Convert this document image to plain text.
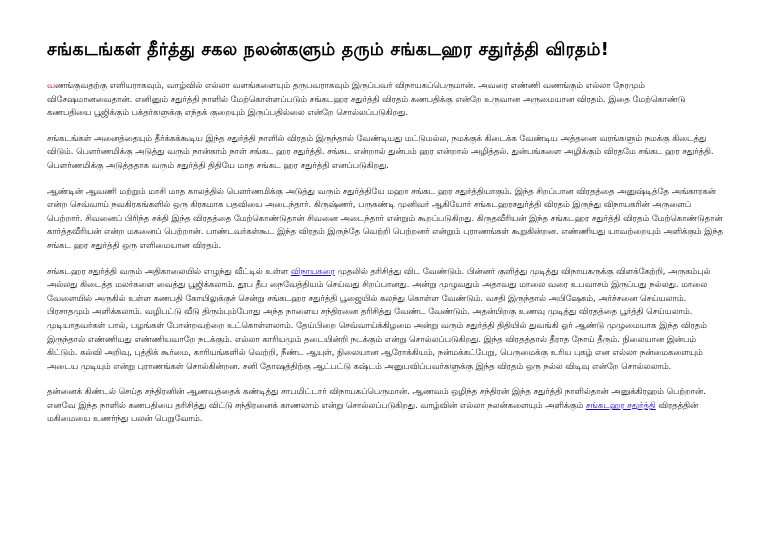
சங்கடங்கள் தீர்த்து சகல நலன்களும் தரும் சங்கடஹர சதுர்த்தி விரதம்!

வணங்குவதற்கு எளியராகவும், வாழ்வில் எல்லா வளங்களையும் தருபவராகவும் இருப்பவர் விநாயகப்பெருமான். அவரை எண்ணி வணங்கும் எல்லா நேரமும் விசேஷமானவைதான். எனினும் சதுர்த்தி நாளில் மேற்கொள்ளப்படும் சங்கடஹர சதுர்த்தி விரதம் கணபதிக்கு என்றே உருவான அருமையான விரதம். இதை மேற்கொண்டு கணபதியை பூஜிக்கும் பக்தர்களுக்கு எந்தக் குறையும் இருப்பதில்லை என்றே சொல்லப்படுகிறது.

சங்கடங்கள் அனைத்தையும் தீர்க்கக்கூடிய இந்த சதுர்த்தி நாளில் விரதம் இருந்தால் வேண்டியது மட்டுமல்ல, நமக்குக் கிடைக்க வேண்டிய அத்தனை வரங்களும் நமக்கு கிடைத்து விடும். பௌர்ணமிக்கு அடுத்து வரும் நான்காம் நாள் சங்கட ஹர சதுர்த்தி. சங்கட என்றால் துன்பம் ஹர என்றால் அழித்தல். துன்பங்களை அழிக்கும் விரதமே சங்கட ஹர சதுர்த்தி. பௌர்ணமிக்கு அடுத்ததாக வரும் சதுர்த்தி திதியே மாத சங்கட ஹர சதுர்த்தி எனப்படுகிறது.

ஆண்டின் ஆவணி மற்றும் மாசி மாத காலத்தில் பௌர்ணமிக்கு அடுத்து வரும் சதுர்த்தியே மஹா சங்கட ஹர சதுர்த்தியாகும். இந்த சிறப்பான விரதத்தை அனுஷ்டித்தே அங்காரகன் என்ற செவ்வாய் நவகிரகங்களில் ஒரு கிரகமாக பதவியை அடைந்தார். கிருஷ்ணர், பருகண்டி முனிவர் ஆகியோர் சங்கடஹரசதுர்த்தி விரதம் இருந்து விநாயகரின் அருளைப் பெற்றார். சிவனைப் பிரிந்த சக்தி இந்த விரதத்தை மேற்கொண்டுதான் சிவனை அடைந்தார் என்றும் கூறப்படுகிறது. கிருதவீரியன் இந்த சங்கடஹர சதுர்த்தி விரதம் மேற்கொண்டுதான் கார்த்தவீரியன் என்ற மகனைப் பெற்றான். பாண்டவர்கள்கூட இந்த விரதம் இருந்தே வெற்றி பெற்றனர் என்றும் புராணங்கள் கூறுகின்றன. எண்ணியது யாவற்றையும் அளிக்கும் இந்த சங்கட ஹர சதுர்த்தி ஒரு எளிமையான விரதம்.

சங்கடஹர சதுர்த்தி வரும் அதிகாலையில் எழுந்து வீட்டில் உள்ள விநாயகரை முதலில் தரிசித்து விட வேண்டும். பின்னர் குளித்து முடித்து விநாயகருக்கு விளக்கேற்றி, அருகம்புல் அல்லது கிடைத்த மலர்களை வைத்து பூஜிக்கலாம். தூப தீப நைவேத்தியம் செய்வது சிறப்பானது. அன்று முழுவதும் அதாவது மாலை வரை உபவாசம் இருப்பது நல்லது. மாலை வேளையில் அருகில் உள்ள கணபதி கோயிலுக்குச் சென்று சங்கடஹர சதுர்த்தி பூஜையில் கலந்து கொள்ள வேண்டும். வசதி இருந்தால் அபிஷேகம், அர்ச்சனை செய்யலாம். பிரசாதமும் அளிக்கலாம். வழிபட்டு வீடு திரும்பும்போது அந்த நாளைய சந்திரனை தரிசித்து வேண்ட வேண்டும். அதன்பிறகு உணவு முடித்து விரதத்தை பூர்த்தி செய்யலாம். முடியாதவர்கள் பால், பழங்கள் போன்றவற்றை உட்கொள்ளலாம். தேய்பிறை செவ்வாய்க்கிழமை அன்று வரும் சதுர்த்தி திதியில் துவங்கி ஓர் ஆண்டு முழுமையாக இந்த விரதம் இருந்தால் எண்ணியது எண்ணியவாறே நடக்கும். எல்லா காரியமும் தடையின்றி நடக்கும் என்று சொல்லப்படுகிறது. இந்த விரதத்தால் தீராத நோய் தீரும். நிலையான இன்பம் கிட்டும். கல்வி அறிவு, புத்திக் கூர்மை, காரியங்களில் வெற்றி, நீண்ட ஆயுள், நிலையான ஆரோக்கியம், நன்மக்கட்பேறு, பெருமைக்கு உரிய புகழ் என எல்லா நன்மைகளையும் அடைய முடியும் என்று புராணங்கள் சொல்கின்றன. சனி தோஷத்திற்கு ஆட்பட்டு கஷ்டம் அனுபவிப்பவர்களுக்கு இந்த விரதம் ஒரு நல்ல விடிவு என்றே சொல்லலாம்.

தன்னைக் கிண்டல் செய்த சந்திரனின் ஆணவத்தைக் கண்டித்து சாபமிட்டார் விநாயகப்பெருமான். ஆணவம் ஒழிந்த சந்திரன் இந்த சதுர்த்தி நாளில்தான் அனுக்கிரஹம் பெற்றான். எனவே இந்த நாளில் கணபதியை தரிசித்து விட்டு சந்திரனைக் காணலாம் என்று சொல்லப்படுகிறது. வாழ்வின் எல்லா நலன்களையும் அளிக்கும் சங்கடஹர சதுர்த்தி விரதத்தின் மகிமையை உணர்ந்து பலன் பெறுவோம்.
